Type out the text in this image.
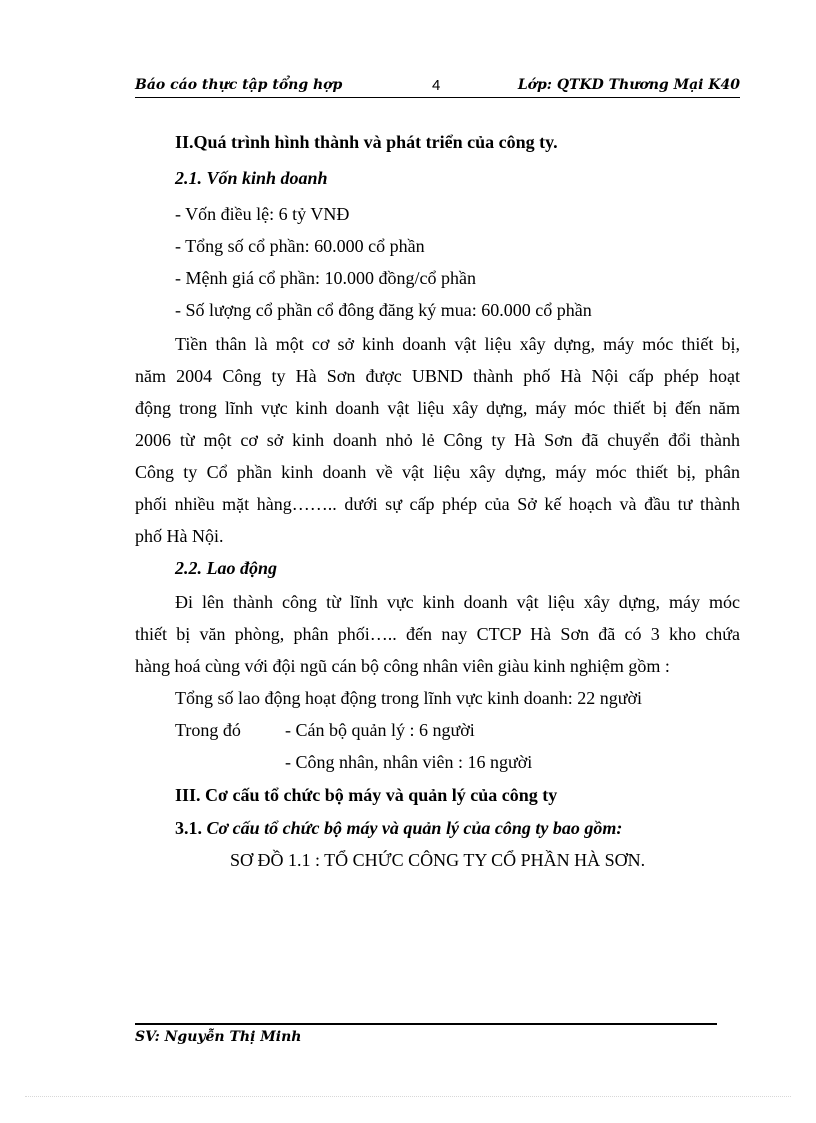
Báo cáo thực tập tổng hợp	4	Lớp: QTKD Thương Mại K40
II.Quá trình hình thành và phát triển của công ty.
2.1. Vốn kinh doanh
- Vốn điều lệ: 6 tỷ VNĐ
- Tổng số cổ phần: 60.000 cổ phần
- Mệnh giá cổ phần: 10.000 đồng/cổ phần
- Số lượng cổ phần cổ đông đăng ký mua: 60.000 cổ phần
Tiền thân là một cơ sở kinh doanh vật liệu xây dựng, máy móc thiết bị,
năm 2004 Công ty Hà Sơn được UBND thành phố Hà Nội cấp phép hoạt
động trong lĩnh vực kinh doanh vật liệu xây dựng, máy móc thiết bị đến năm
2006 từ một cơ sở kinh doanh nhỏ lẻ Công ty Hà Sơn đã chuyển đổi thành
Công ty Cổ phần kinh doanh về vật liệu xây dựng, máy móc thiết bị, phân
phối nhiều mặt hàng…….. dưới sự cấp phép của Sở kế hoạch và đầu tư thành
phố Hà Nội.
2.2. Lao động
Đi lên thành công từ lĩnh vực kinh doanh vật liệu xây dựng, máy móc
thiết bị văn phòng, phân phối….. đến nay CTCP Hà Sơn đã có 3 kho chứa
hàng hoá cùng với đội ngũ cán bộ công nhân viên giàu kinh nghiệm gồm :
Tổng số lao động hoạt động trong lĩnh vực kinh doanh: 22 người
Trong đó - Cán bộ quản lý : 6 người
- Công nhân, nhân viên : 16 người
III. Cơ cấu tổ chức bộ máy và quản lý của công ty
3.1. Cơ cấu tổ chức bộ máy và quản lý của công ty bao gồm:
SƠ ĐỒ 1.1 : TỔ CHỨC CÔNG TY CỔ PHẦN HÀ SƠN.
SV: Nguyễn Thị Minh
